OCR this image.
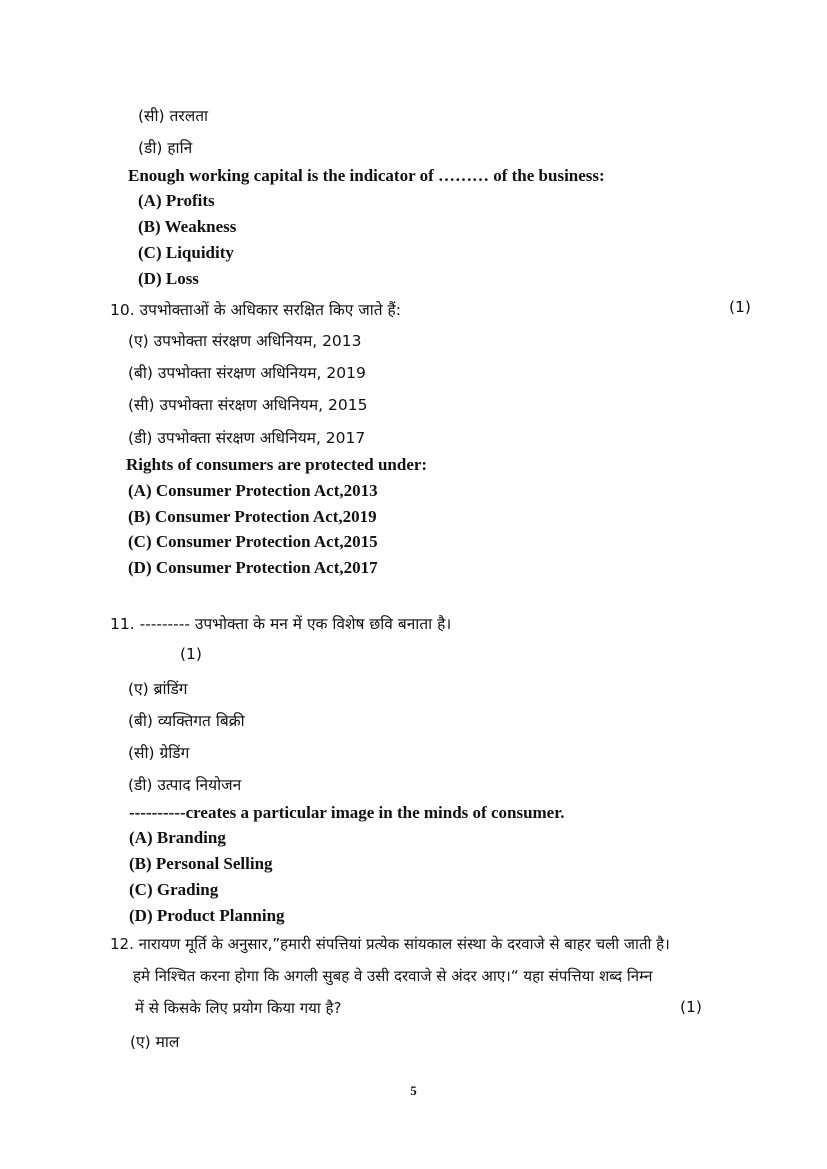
(सी) तरलता
(डी) हानि
Enough working capital is the indicator of ……… of the business:
(A) Profits
(B) Weakness
(C) Liquidity
(D) Loss
10. उपभोक्ताओं के अधिकार सरक्षित किए जाते हैं:	(1)
(ए) उपभोक्ता संरक्षण अधिनियम, 2013
(बी) उपभोक्ता संरक्षण अधिनियम, 2019
(सी) उपभोक्ता संरक्षण अधिनियम, 2015
(डी) उपभोक्ता संरक्षण अधिनियम, 2017
Rights of consumers are protected under:
(A) Consumer Protection Act,2013
(B) Consumer Protection Act,2019
(C) Consumer Protection Act,2015
(D) Consumer Protection Act,2017
11. --------- उपभोक्ता के मन में एक विशेष छवि बनाता है।
(1)
(ए) ब्रांडिंग
(बी) व्यक्तिगत बिक्री
(सी) ग्रेडिंग
(डी) उत्पाद नियोजन
----------creates a particular image in the minds of consumer.
(A) Branding
(B) Personal Selling
(C) Grading
(D) Product Planning
12. नारायण मूर्ति के अनुसार,”हमारी संपत्तियां प्रत्येक सांयकाल संस्था के दरवाजे से बाहर चली जाती है।
हमे निश्चित करना होगा कि अगली सुबह वे उसी दरवाजे से अंदर आए।“ यहा संपत्तिया शब्द निम्न
में से किसके लिए प्रयोग किया गया है?	(1)
(ए) माल
5
